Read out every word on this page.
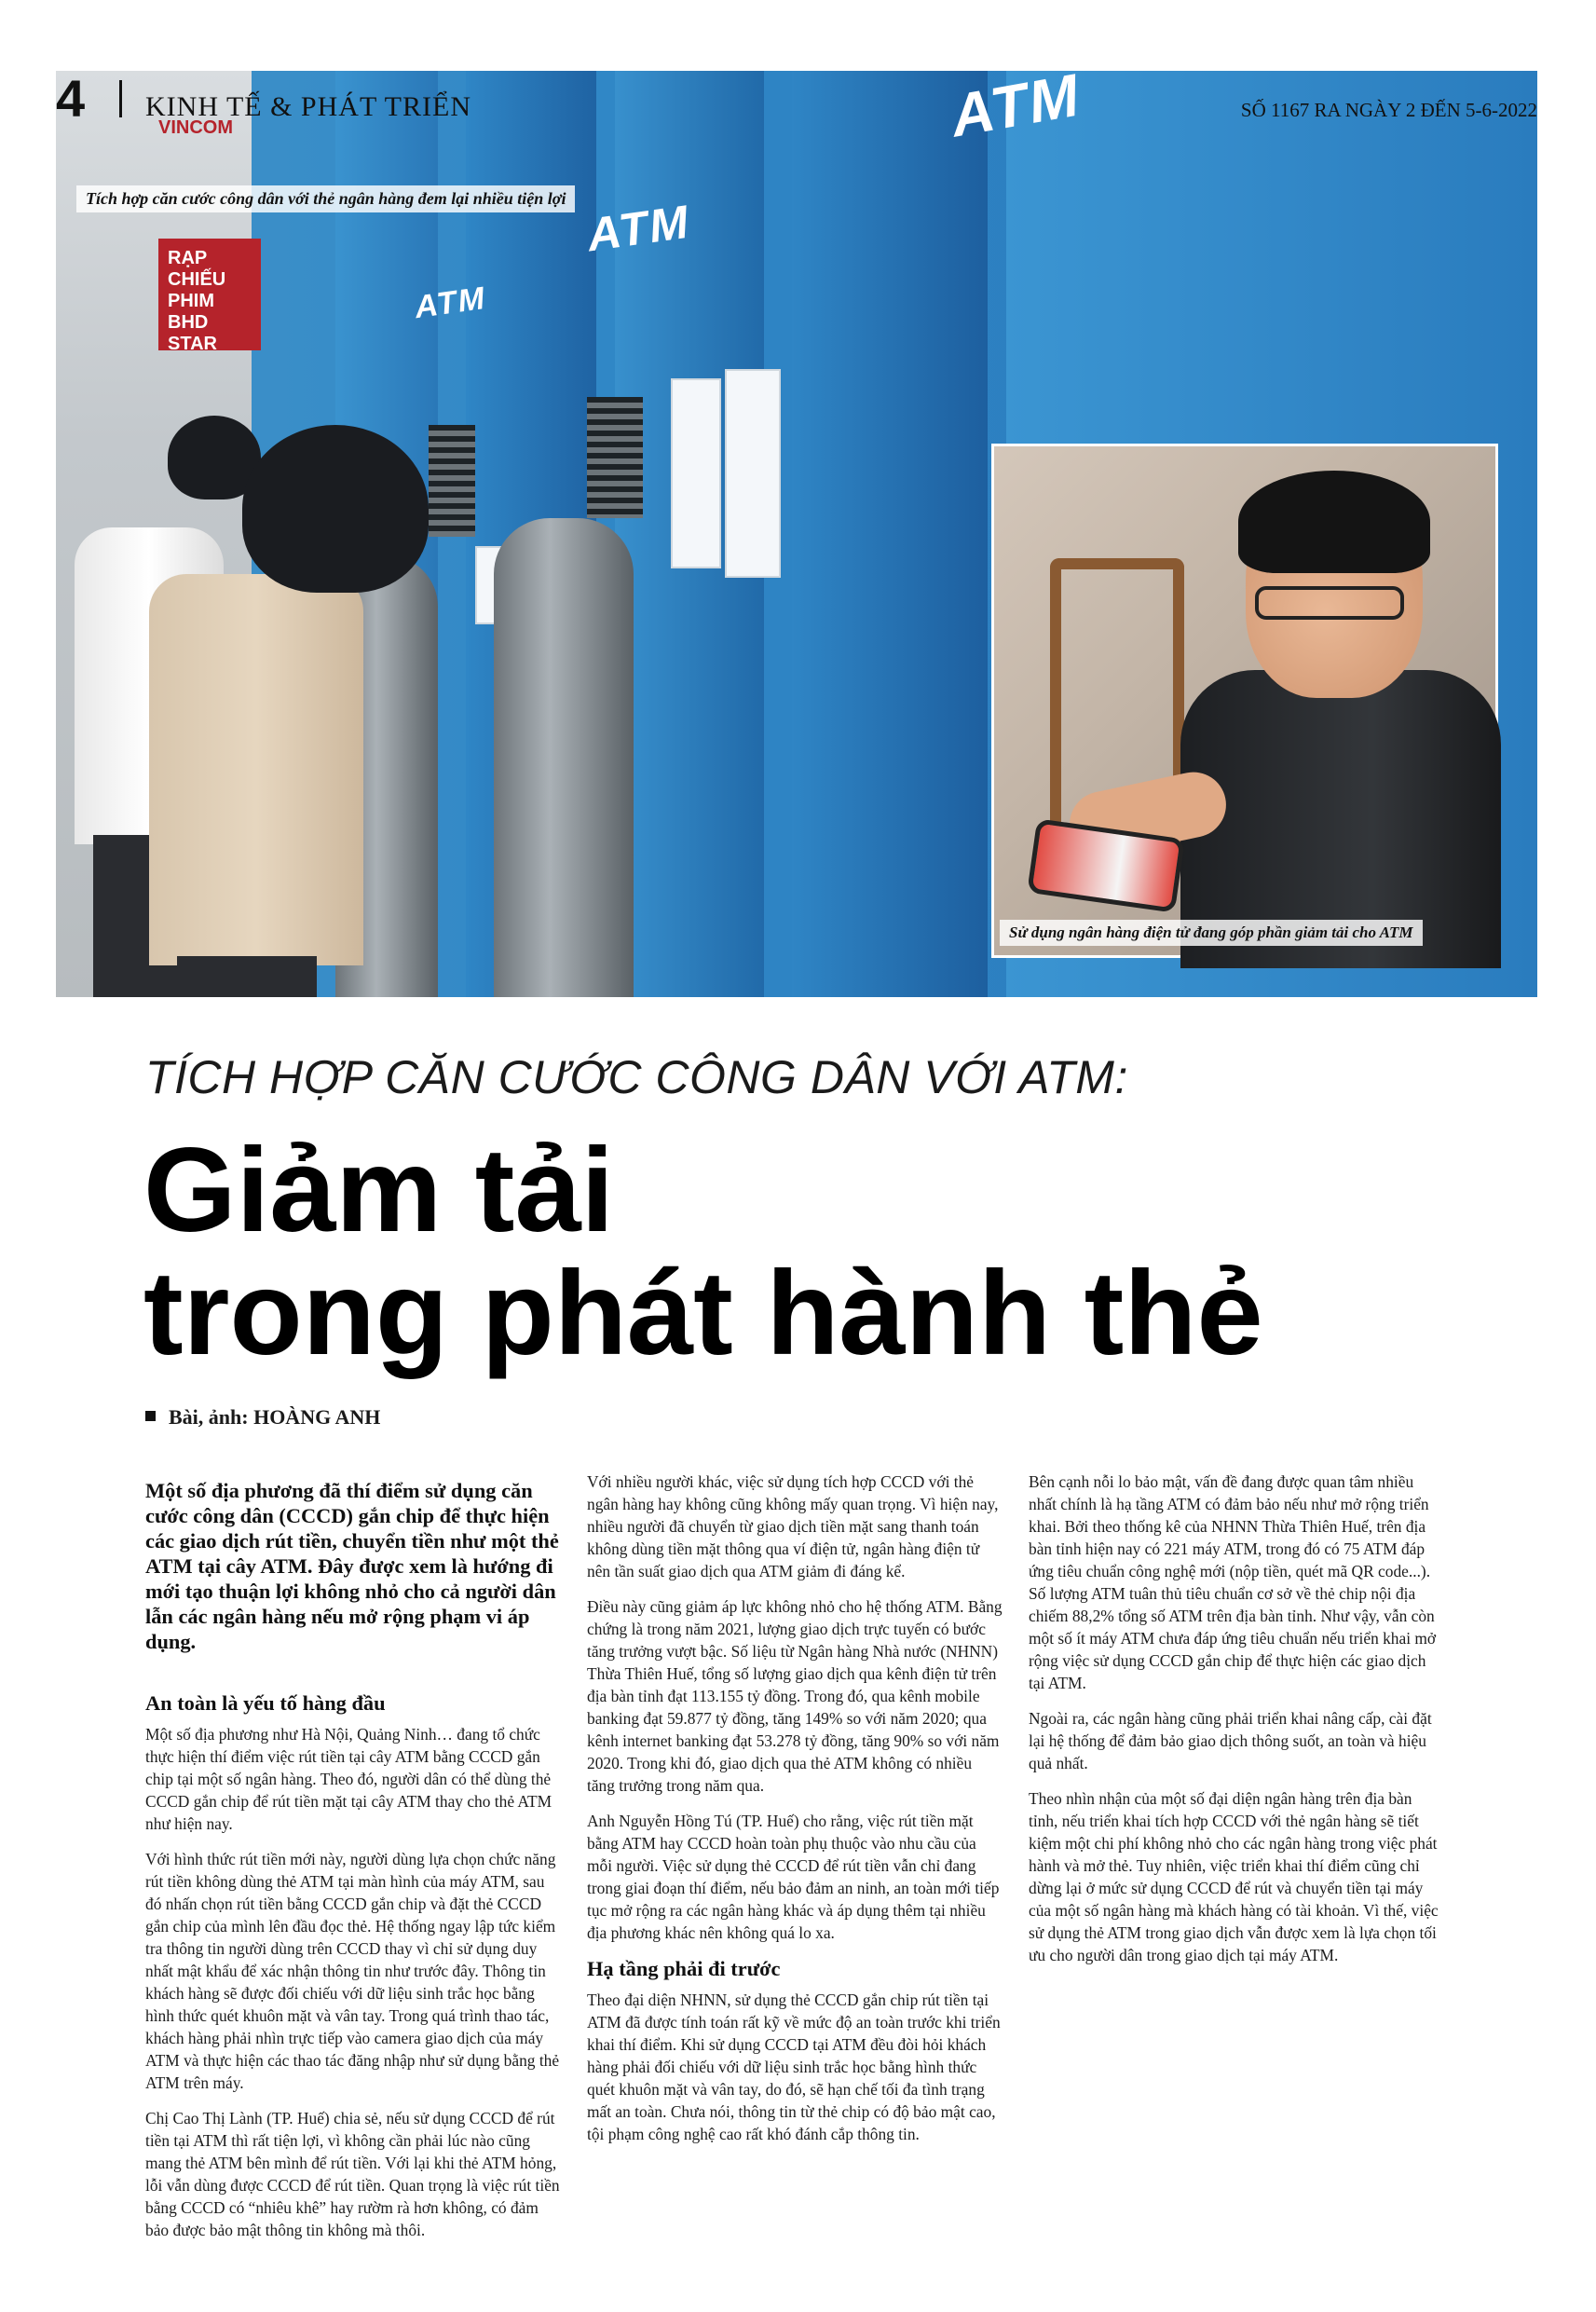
RẠP CHIẾU PHIM BHD STAR
VINCOM
ATM
ATM
ATM
Tích hợp căn cước công dân với thẻ ngân hàng đem lại nhiều tiện lợi
Sử dụng ngân hàng điện tử đang góp phần giảm tải cho ATM
4 KINH TẾ & PHÁT TRIỂN	SỐ 1167 RA NGÀY 2 ĐẾN 5-6-2022
TÍCH HỢP CĂN CƯỚC CÔNG DÂN VỚI ATM:
Giảm tải
trong phát hành thẻ
Bài, ảnh: HOÀNG ANH

Một số địa phương đã thí điểm sử dụng căn cước công dân (CCCD) gắn chip để thực hiện các giao dịch rút tiền, chuyển tiền như một thẻ ATM tại cây ATM. Đây được xem là hướng đi mới tạo thuận lợi không nhỏ cho cả người dân lẫn các ngân hàng nếu mở rộng phạm vi áp dụng.

An toàn là yếu tố hàng đầu

Một số địa phương như Hà Nội, Quảng Ninh… đang tổ chức thực hiện thí điểm việc rút tiền tại cây ATM bằng CCCD gắn chip tại một số ngân hàng. Theo đó, người dân có thể dùng thẻ CCCD gắn chip để rút tiền mặt tại cây ATM thay cho thẻ ATM như hiện nay.

Với hình thức rút tiền mới này, người dùng lựa chọn chức năng rút tiền không dùng thẻ ATM tại màn hình của máy ATM, sau đó nhấn chọn rút tiền bằng CCCD gắn chip và đặt thẻ CCCD gắn chip của mình lên đầu đọc thẻ. Hệ thống ngay lập tức kiểm tra thông tin người dùng trên CCCD thay vì chỉ sử dụng duy nhất mật khẩu để xác nhận thông tin như trước đây. Thông tin khách hàng sẽ được đối chiếu với dữ liệu sinh trắc học bằng hình thức quét khuôn mặt và vân tay. Trong quá trình thao tác, khách hàng phải nhìn trực tiếp vào camera giao dịch của máy ATM và thực hiện các thao tác đăng nhập như sử dụng bằng thẻ ATM trên máy.

Chị Cao Thị Lành (TP. Huế) chia sẻ, nếu sử dụng CCCD để rút tiền tại ATM thì rất tiện lợi, vì không cần phải lúc nào cũng mang thẻ ATM bên mình để rút tiền. Với lại khi thẻ ATM hỏng, lỗi vẫn dùng được CCCD để rút tiền. Quan trọng là việc rút tiền bằng CCCD có “nhiêu khê” hay rườm rà hơn không, có đảm bảo được bảo mật thông tin không mà thôi.

Với nhiều người khác, việc sử dụng tích hợp CCCD với thẻ ngân hàng hay không cũng không mấy quan trọng. Vì hiện nay, nhiều người đã chuyển từ giao dịch tiền mặt sang thanh toán không dùng tiền mặt thông qua ví điện tử, ngân hàng điện tử nên tần suất giao dịch qua ATM giảm đi đáng kể.

Điều này cũng giảm áp lực không nhỏ cho hệ thống ATM. Bằng chứng là trong năm 2021, lượng giao dịch trực tuyến có bước tăng trưởng vượt bậc. Số liệu từ Ngân hàng Nhà nước (NHNN) Thừa Thiên Huế, tổng số lượng giao dịch qua kênh điện tử trên địa bàn tỉnh đạt 113.155 tỷ đồng. Trong đó, qua kênh mobile banking đạt 59.877 tỷ đồng, tăng 149% so với năm 2020; qua kênh internet banking đạt 53.278 tỷ đồng, tăng 90% so với năm 2020. Trong khi đó, giao dịch qua thẻ ATM không có nhiều tăng trưởng trong năm qua.

Anh Nguyễn Hồng Tú (TP. Huế) cho rằng, việc rút tiền mặt bằng ATM hay CCCD hoàn toàn phụ thuộc vào nhu cầu của mỗi người. Việc sử dụng thẻ CCCD để rút tiền vẫn chỉ đang trong giai đoạn thí điểm, nếu bảo đảm an ninh, an toàn mới tiếp tục mở rộng ra các ngân hàng khác và áp dụng thêm tại nhiều địa phương khác nên không quá lo xa.

Hạ tầng phải đi trước

Theo đại diện NHNN, sử dụng thẻ CCCD gắn chip rút tiền tại ATM đã được tính toán rất kỹ về mức độ an toàn trước khi triển khai thí điểm. Khi sử dụng CCCD tại ATM đều đòi hỏi khách hàng phải đối chiếu với dữ liệu sinh trắc học bằng hình thức quét khuôn mặt và vân tay, do đó, sẽ hạn chế tối đa tình trạng mất an toàn. Chưa nói, thông tin từ thẻ chip có độ bảo mật cao, tội phạm công nghệ cao rất khó đánh cắp thông tin.

Bên cạnh nỗi lo bảo mật, vấn đề đang được quan tâm nhiều nhất chính là hạ tầng ATM có đảm bảo nếu như mở rộng triển khai. Bởi theo thống kê của NHNN Thừa Thiên Huế, trên địa bàn tỉnh hiện nay có 221 máy ATM, trong đó có 75 ATM đáp ứng tiêu chuẩn công nghệ mới (nộp tiền, quét mã QR code...). Số lượng ATM tuân thủ tiêu chuẩn cơ sở về thẻ chip nội địa chiếm 88,2% tổng số ATM trên địa bàn tỉnh. Như vậy, vẫn còn một số ít máy ATM chưa đáp ứng tiêu chuẩn nếu triển khai mở rộng việc sử dụng CCCD gắn chip để thực hiện các giao dịch tại ATM.

Ngoài ra, các ngân hàng cũng phải triển khai nâng cấp, cài đặt lại hệ thống để đảm bảo giao dịch thông suốt, an toàn và hiệu quả nhất.

Theo nhìn nhận của một số đại diện ngân hàng trên địa bàn tỉnh, nếu triển khai tích hợp CCCD với thẻ ngân hàng sẽ tiết kiệm một chi phí không nhỏ cho các ngân hàng trong việc phát hành và mở thẻ. Tuy nhiên, việc triển khai thí điểm cũng chỉ dừng lại ở mức sử dụng CCCD để rút và chuyển tiền tại máy của một số ngân hàng mà khách hàng có tài khoản. Vì thế, việc sử dụng thẻ ATM trong giao dịch vẫn được xem là lựa chọn tối ưu cho người dân trong giao dịch tại máy ATM.
